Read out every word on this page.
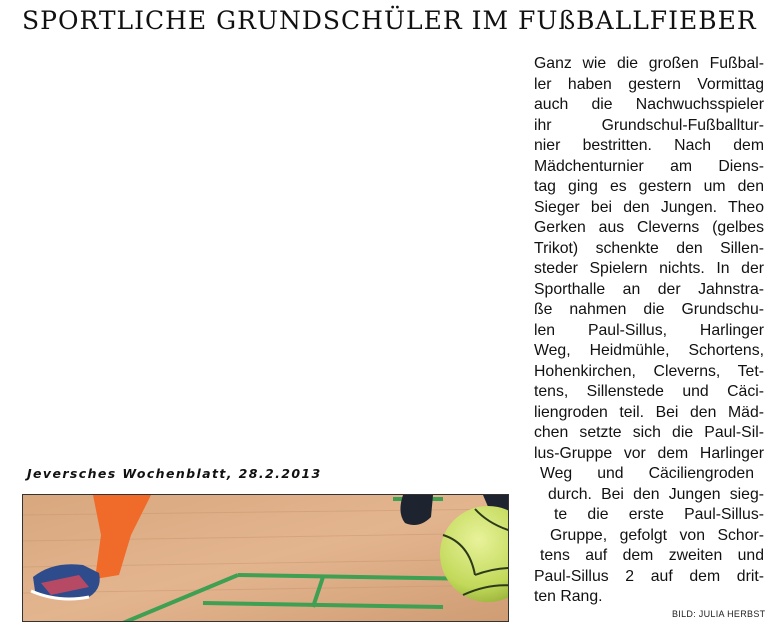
SPORTLICHE GRUNDSCHÜLER IM FUßBALLFIEBER
Jeversches Wochenblatt, 28.2.2013
Ganz wie die großen Fußbal-
ler haben gestern Vormittag
auch die Nachwuchsspieler
ihr Grundschul-Fußballtur-
nier bestritten. Nach dem
Mädchenturnier am Diens-
tag ging es gestern um den
Sieger bei den Jungen. Theo
Gerken aus Cleverns (gelbes
Trikot) schenkte den Sillen-
steder Spielern nichts. In der
Sporthalle an der Jahnstra-
ße nahmen die Grundschu-
len Paul-Sillus, Harlinger
Weg, Heidmühle, Schortens,
Hohenkirchen, Cleverns, Tet-
tens, Sillenstede und Cäci-
liengroden teil. Bei den Mäd-
chen setzte sich die Paul-Sil-
lus-Gruppe vor dem Harlinger
Weg und Cäciliengroden
durch. Bei den Jungen sieg-
te die erste Paul-Sillus-
Gruppe, gefolgt von Schor-
tens auf dem zweiten und
Paul-Sillus 2 auf dem drit-
ten Rang.
BILD: JULIA HERBST
